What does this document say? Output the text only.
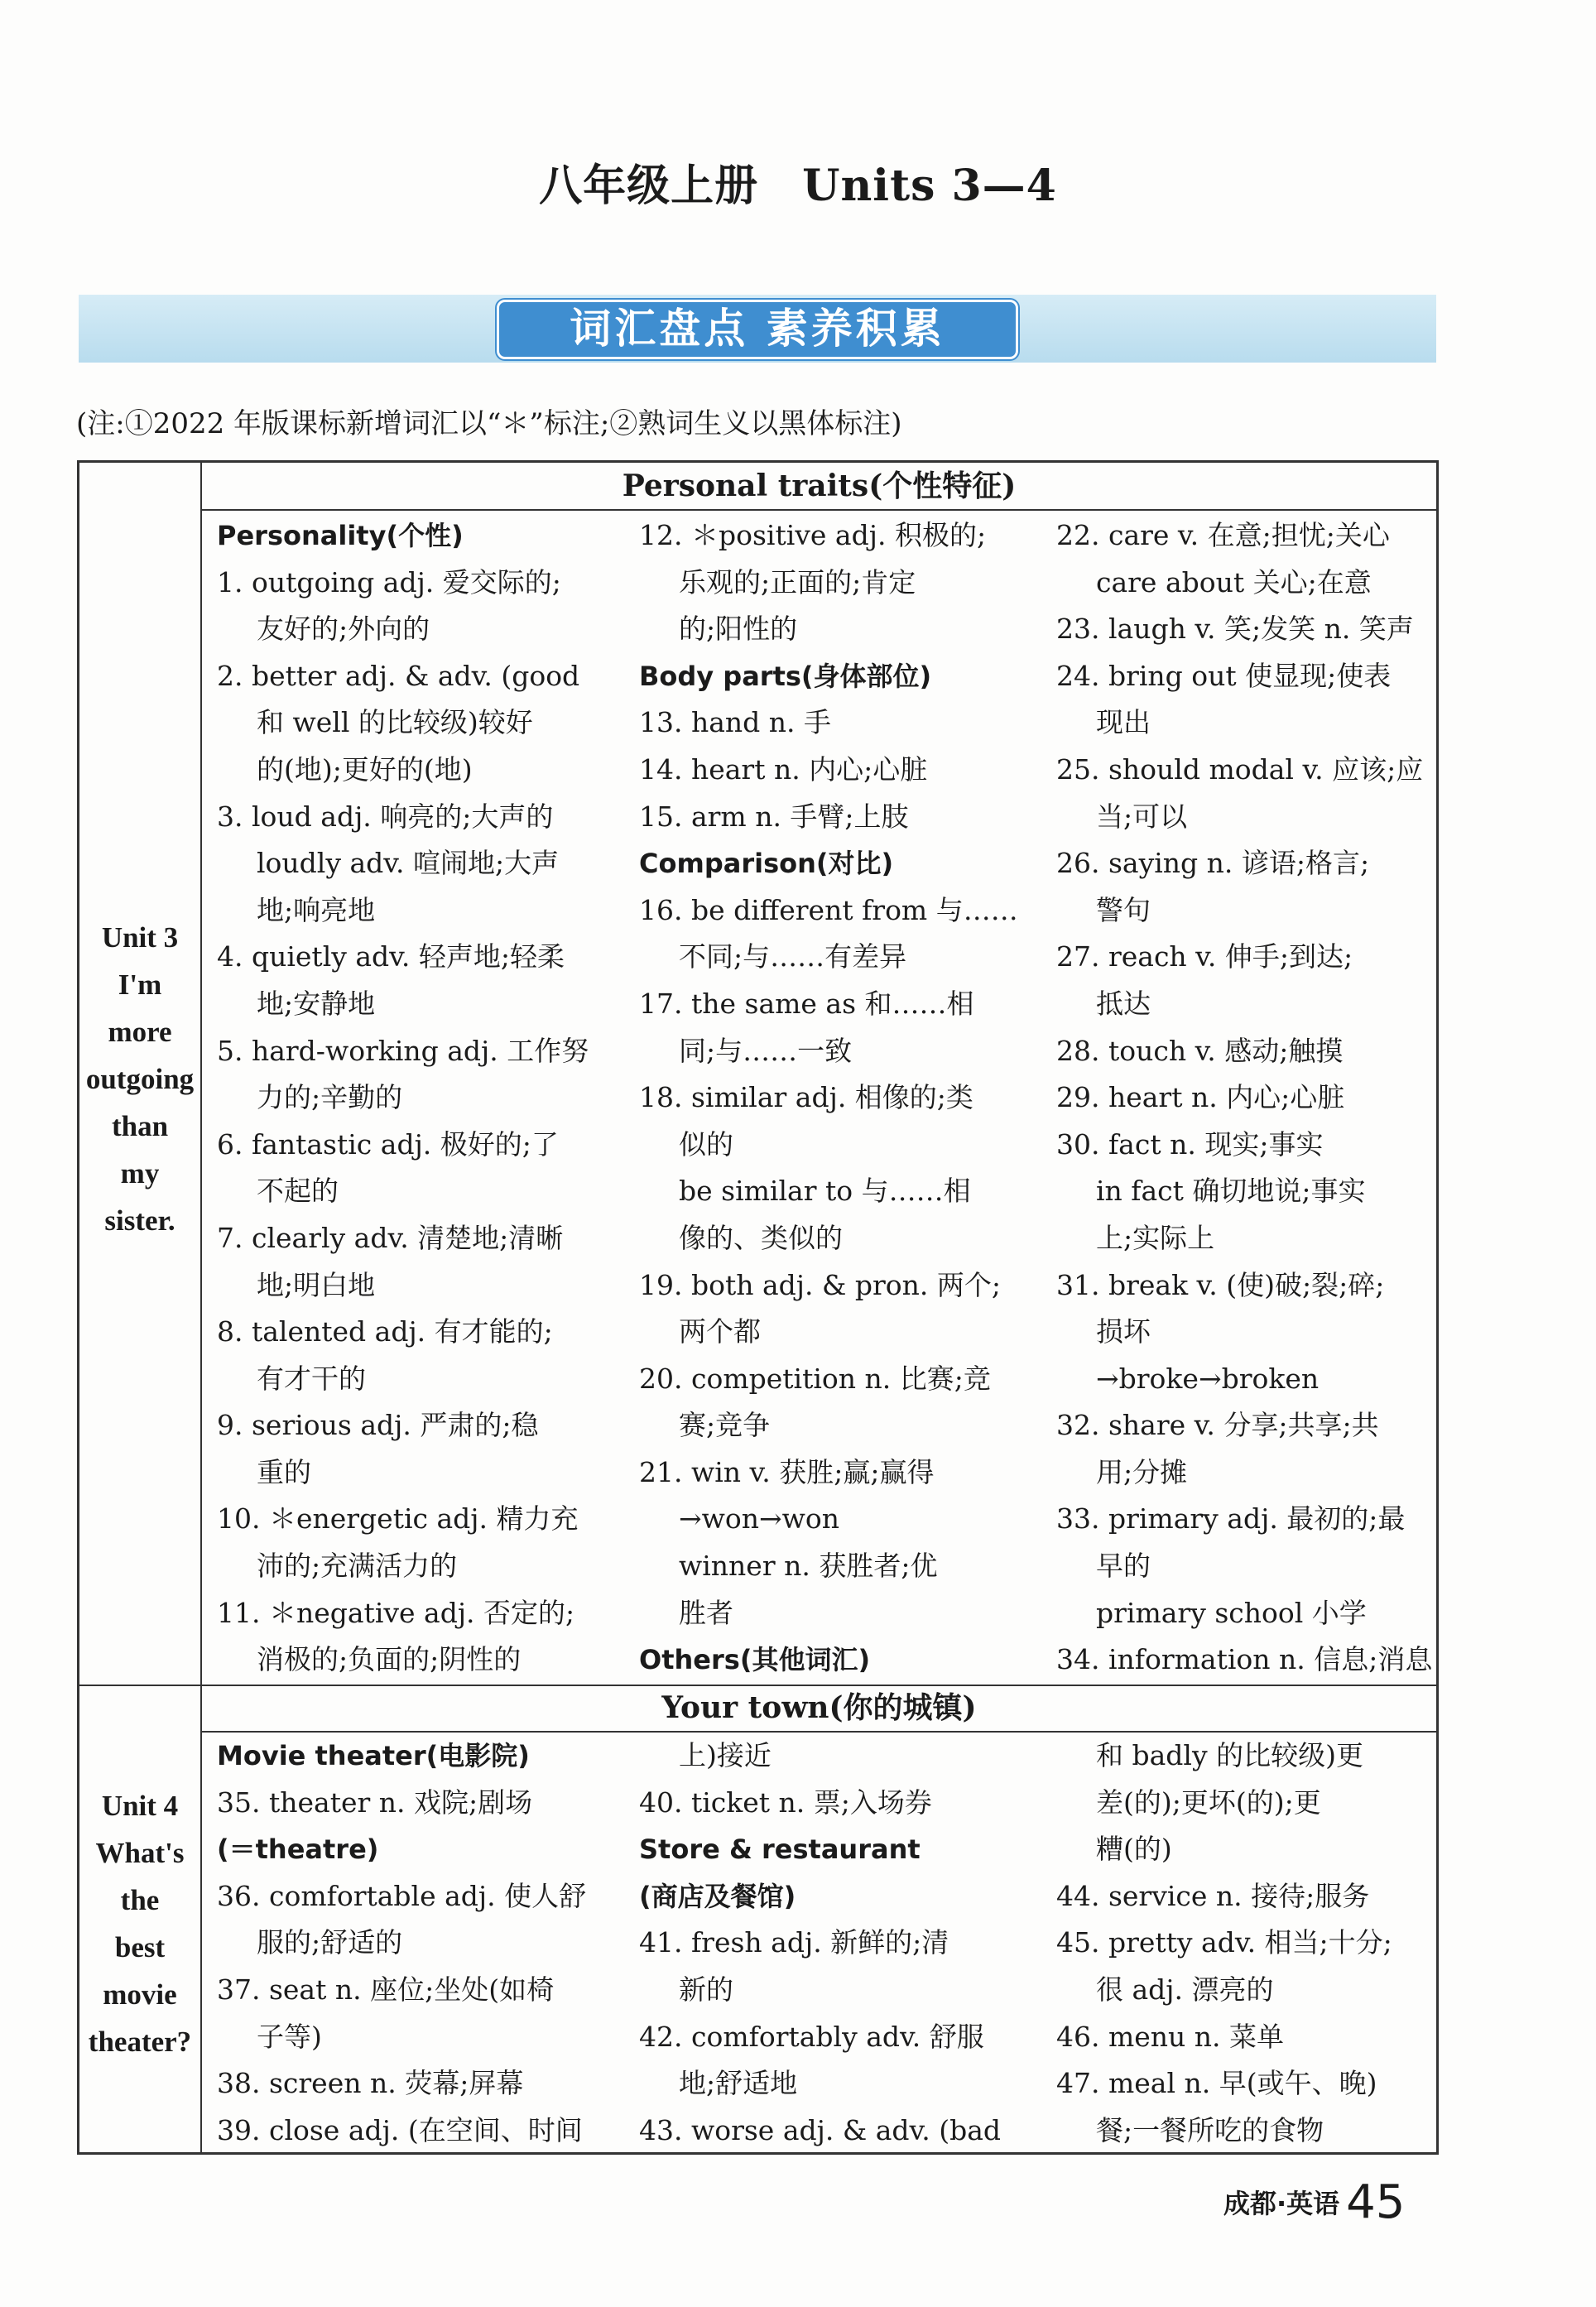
八年级上册　Units 3—4
词汇盘点 素养积累
(注:①2022 年版课标新增词汇以“＊”标注;②熟词生义以黑体标注)
Personal traits(个性特征)
Unit 3
I'm
more
outgoing
than
my
sister.
Personality(个性)
1. outgoing adj. 爱交际的;
友好的;外向的
2. better adj. & adv. (good
和 well 的比较级)较好
的(地);更好的(地)
3. loud adj. 响亮的;大声的
loudly adv. 喧闹地;大声
地;响亮地
4. quietly adv. 轻声地;轻柔
地;安静地
5. hard-working adj. 工作努
力的;辛勤的
6. fantastic adj. 极好的;了
不起的
7. clearly adv. 清楚地;清晰
地;明白地
8. talented adj. 有才能的;
有才干的
9. serious adj. 严肃的;稳
重的
10. ＊energetic adj. 精力充
沛的;充满活力的
11. ＊negative adj. 否定的;
消极的;负面的;阴性的
12. ＊positive adj. 积极的;
乐观的;正面的;肯定
的;阳性的
Body parts(身体部位)
13. hand n. 手
14. heart n. 内心;心脏
15. arm n. 手臂;上肢
Comparison(对比)
16. be different from 与……
不同;与……有差异
17. the same as 和……相
同;与……一致
18. similar adj. 相像的;类
似的
be similar to 与……相
像的、类似的
19. both adj. & pron. 两个;
两个都
20. competition n. 比赛;竞
赛;竞争
21. win v. 获胜;赢;赢得
→won→won
winner n. 获胜者;优
胜者
Others(其他词汇)
22. care v. 在意;担忧;关心
care about 关心;在意
23. laugh v. 笑;发笑 n. 笑声
24. bring out 使显现;使表
现出
25. should modal v. 应该;应
当;可以
26. saying n. 谚语;格言;
警句
27. reach v. 伸手;到达;
抵达
28. touch v. 感动;触摸
29. heart n. 内心;心脏
30. fact n. 现实;事实
in fact 确切地说;事实
上;实际上
31. break v. (使)破;裂;碎;
损坏
→broke→broken
32. share v. 分享;共享;共
用;分摊
33. primary adj. 最初的;最
早的
primary school 小学
34. information n. 信息;消息
Your town(你的城镇)
Unit 4
What's
the
best
movie
theater?
Movie theater(电影院)
35. theater n. 戏院;剧场
(＝theatre)
36. comfortable adj. 使人舒
服的;舒适的
37. seat n. 座位;坐处(如椅
子等)
38. screen n. 荧幕;屏幕
39. close adj. (在空间、时间
上)接近
40. ticket n. 票;入场券
Store & restaurant
(商店及餐馆)
41. fresh adj. 新鲜的;清
新的
42. comfortably adv. 舒服
地;舒适地
43. worse adj. & adv. (bad
和 badly 的比较级)更
差(的);更坏(的);更
糟(的)
44. service n. 接待;服务
45. pretty adv. 相当;十分;
很 adj. 漂亮的
46. menu n. 菜单
47. meal n. 早(或午、晚)
餐;一餐所吃的食物
成都·英语 45
